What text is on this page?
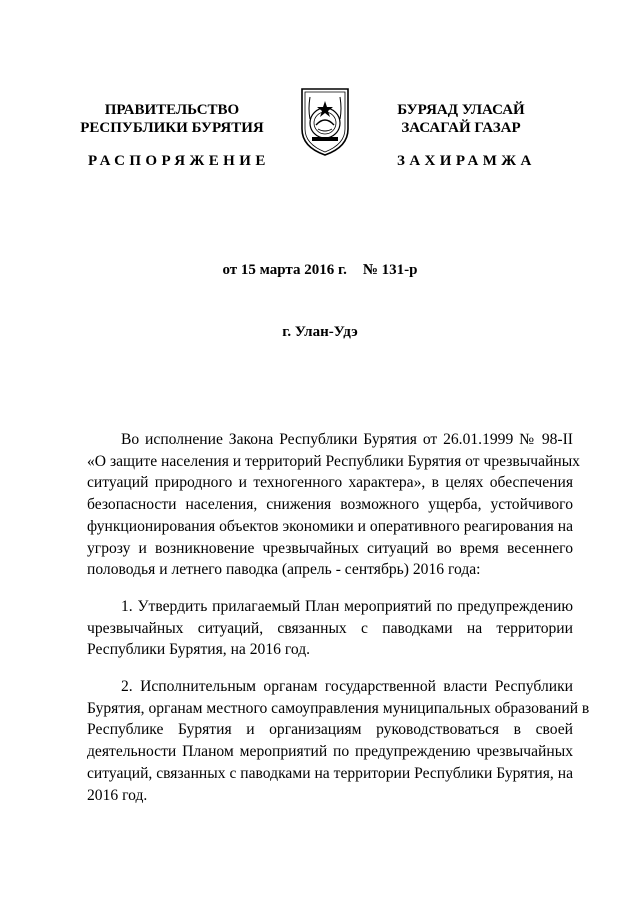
ПРАВИТЕЛЬСТВО
РЕСПУБЛИКИ БУРЯТИЯ
РАСПОРЯЖЕНИЕ
БУРЯАД УЛАСАЙ
ЗАСАГАЙ ГАЗАР
ЗАХИРАМЖА
от 15 марта 2016 г. № 131-р
г. Улан-Удэ
Во исполнение Закона Республики Бурятия от 26.01.1999 № 98-II
«О защите населения и территорий Республики Бурятия от чрезвычайных
ситуаций природного и техногенного характера», в целях обеспечения
безопасности населения, снижения возможного ущерба, устойчивого
функционирования объектов экономики и оперативного реагирования на
угрозу и возникновение чрезвычайных ситуаций во время весеннего
половодья и летнего паводка (апрель - сентябрь) 2016 года:
1. Утвердить прилагаемый План мероприятий по предупреждению
чрезвычайных ситуаций, связанных с паводками на территории
Республики Бурятия, на 2016 год.
2. Исполнительным органам государственной власти Республики
Бурятия, органам местного самоуправления муниципальных образований в
Республике Бурятия и организациям руководствоваться в своей
деятельности Планом мероприятий по предупреждению чрезвычайных
ситуаций, связанных с паводками на территории Республики Бурятия, на
2016 год.
